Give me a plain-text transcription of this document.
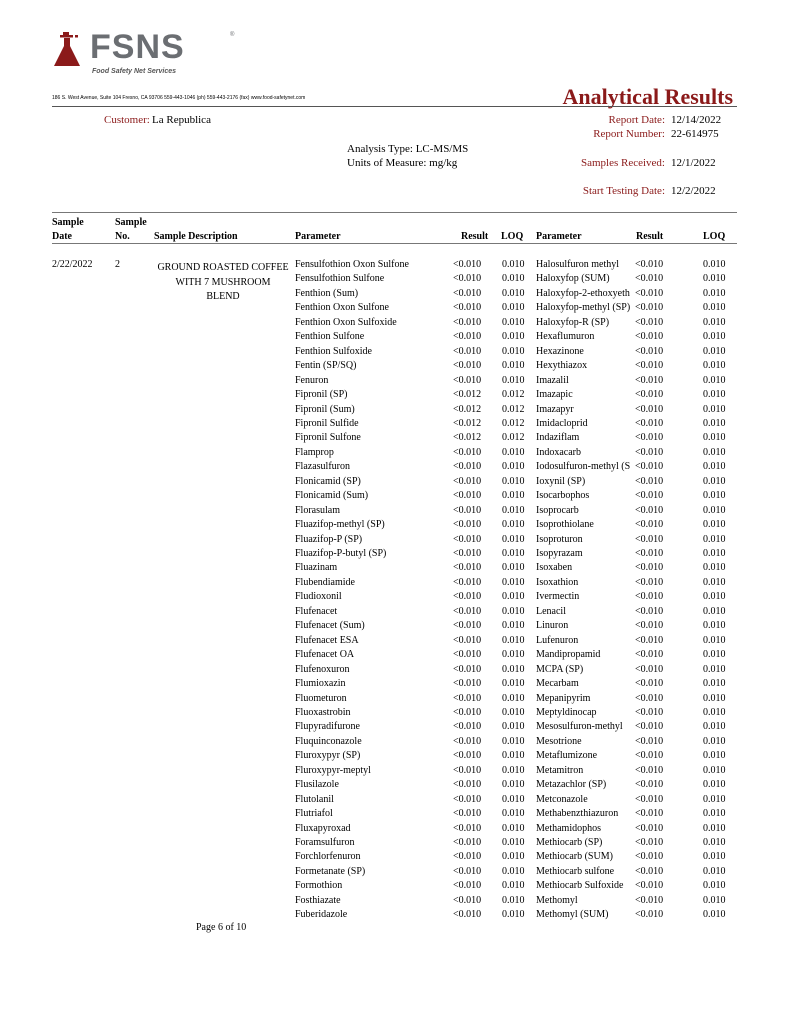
FSNS	®
Food Safety Net Services
186 S. West Avenue, Suite 104 Fresno, CA 93706 559-443-1046 (ph) 559-443-2176 (fax) www.food-safetynet.com	Analytical Results
Customer: La Republica	Report Date: 12/14/2022
Report Number: 22-614975
Analysis Type: LC-MS/MS
Units of Measure: mg/kg	Samples Received: 12/1/2022
Start Testing Date: 12/2/2022
Sample
Date
Sample
No. Sample Description	Parameter	Result LOQ Parameter	Result	LOQ
2/22/2022 2	GROUND ROASTED COFFEE
WITH 7 MUSHROOM
BLEND
Fensulfothion Oxon Sulfone	<0.010 0.010 Halosulfuron methyl	<0.010	0.010
Fensulfothion Sulfone	<0.010 0.010 Haloxyfop (SUM)	<0.010	0.010
Fenthion (Sum)	<0.010 0.010 Haloxyfop-2-ethoxyeth <0.010	0.010
Fenthion Oxon Sulfone	<0.010 0.010 Haloxyfop-methyl (SP) <0.010	0.010
Fenthion Oxon Sulfoxide	<0.010 0.010 Haloxyfop-R (SP)	<0.010	0.010
Fenthion Sulfone	<0.010 0.010 Hexaflumuron	<0.010	0.010
Fenthion Sulfoxide	<0.010 0.010 Hexazinone	<0.010	0.010
Fentin (SP/SQ)	<0.010 0.010 Hexythiazox	<0.010	0.010
Fenuron	<0.010 0.010 Imazalil	<0.010	0.010
Fipronil (SP)	<0.012 0.012 Imazapic	<0.010	0.010
Fipronil (Sum)	<0.012 0.012 Imazapyr	<0.010	0.010
Fipronil Sulfide	<0.012 0.012 Imidacloprid	<0.010	0.010
Fipronil Sulfone	<0.012 0.012 Indaziflam	<0.010	0.010
Flamprop	<0.010 0.010 Indoxacarb	<0.010	0.010
Flazasulfuron	<0.010 0.010 Iodosulfuron-methyl (S <0.010	0.010
Flonicamid (SP)	<0.010 0.010 Ioxynil (SP)	<0.010	0.010
Flonicamid (Sum)	<0.010 0.010 Isocarbophos	<0.010	0.010
Florasulam	<0.010 0.010 Isoprocarb	<0.010	0.010
Fluazifop-methyl (SP)	<0.010 0.010 Isoprothiolane	<0.010	0.010
Fluazifop-P (SP)	<0.010 0.010 Isoproturon	<0.010	0.010
Fluazifop-P-butyl (SP)	<0.010 0.010 Isopyrazam	<0.010	0.010
Fluazinam	<0.010 0.010 Isoxaben	<0.010	0.010
Flubendiamide	<0.010 0.010 Isoxathion	<0.010	0.010
Fludioxonil	<0.010 0.010 Ivermectin	<0.010	0.010
Flufenacet	<0.010 0.010 Lenacil	<0.010	0.010
Flufenacet (Sum)	<0.010 0.010 Linuron	<0.010	0.010
Flufenacet ESA	<0.010 0.010 Lufenuron	<0.010	0.010
Flufenacet OA	<0.010 0.010 Mandipropamid	<0.010	0.010
Flufenoxuron	<0.010 0.010 MCPA (SP)	<0.010	0.010
Flumioxazin	<0.010 0.010 Mecarbam	<0.010	0.010
Fluometuron	<0.010 0.010 Mepanipyrim	<0.010	0.010
Fluoxastrobin	<0.010 0.010 Meptyldinocap	<0.010	0.010
Flupyradifurone	<0.010 0.010 Mesosulfuron-methyl	<0.010	0.010
Fluquinconazole	<0.010 0.010 Mesotrione	<0.010	0.010
Fluroxypyr (SP)	<0.010 0.010 Metaflumizone	<0.010	0.010
Fluroxypyr-meptyl	<0.010 0.010 Metamitron	<0.010	0.010
Flusilazole	<0.010 0.010 Metazachlor (SP)	<0.010	0.010
Flutolanil	<0.010 0.010 Metconazole	<0.010	0.010
Flutriafol	<0.010 0.010 Methabenzthiazuron	<0.010	0.010
Fluxapyroxad	<0.010 0.010 Methamidophos	<0.010	0.010
Foramsulfuron	<0.010 0.010 Methiocarb (SP)	<0.010	0.010
Forchlorfenuron	<0.010 0.010 Methiocarb (SUM)	<0.010	0.010
Formetanate (SP)	<0.010 0.010 Methiocarb sulfone	<0.010	0.010
Formothion	<0.010 0.010 Methiocarb Sulfoxide	<0.010	0.010
Fosthiazate	<0.010 0.010 Methomyl	<0.010	0.010
Fuberidazole	<0.010 0.010 Methomyl (SUM)	<0.010	0.010
Page 6 of 10
